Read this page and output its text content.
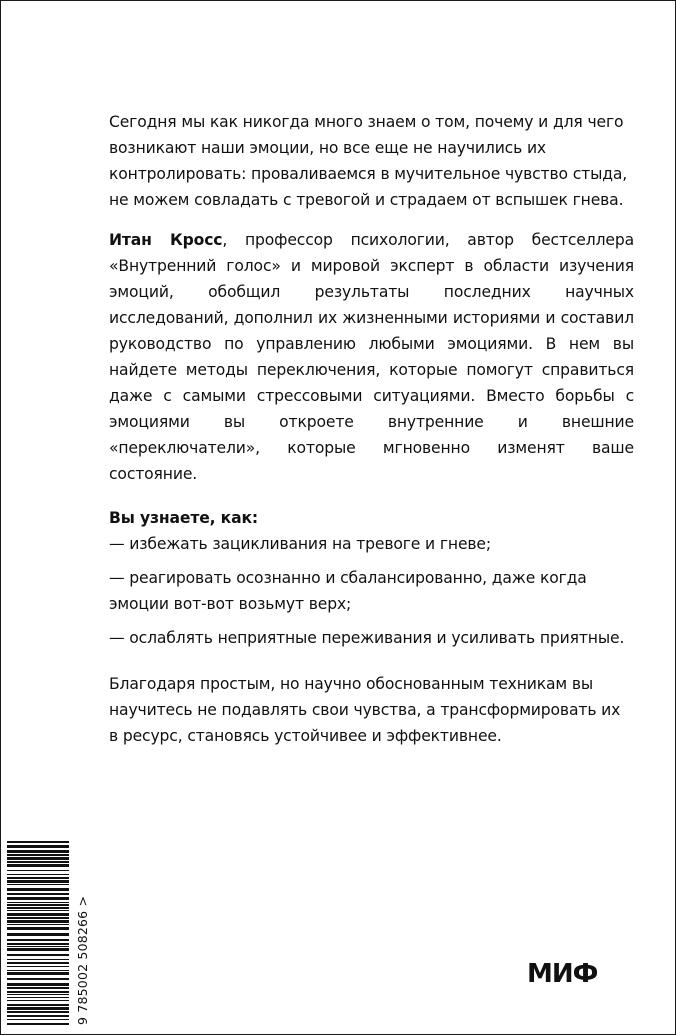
Сегодня мы как никогда много знаем о том, почему и для чего возникают наши эмоции, но все еще не научились их контролировать: проваливаемся в мучительное чувство стыда, не можем совладать с тревогой и страдаем от вспышек гнева.

Итан Кросс, профессор психологии, автор бестселлера «Внутренний голос» и мировой эксперт в области изучения эмоций, обобщил результаты последних научных исследований, дополнил их жизненными историями и составил руководство по управлению любыми эмоциями. В нем вы найдете методы переключения, которые помогут справиться даже с самыми стрессовыми ситуациями. Вместо борьбы с эмоциями вы откроете внутренние и внешние «переключатели», которые мгновенно изменят ваше состояние.

Вы узнаете, как:

— избежать зацикливания на тревоге и гневе;
— реагировать осознанно и сбалансированно, даже когда эмоции вот-вот возьмут верх;
— ослаблять неприятные переживания и усиливать приятные.

Благодаря простым, но научно обоснованным техникам вы научитесь не подавлять свои чувства, а трансформировать их в ресурс, становясь устойчивее и эффективнее.

9 785002 508266 >	МИФ
